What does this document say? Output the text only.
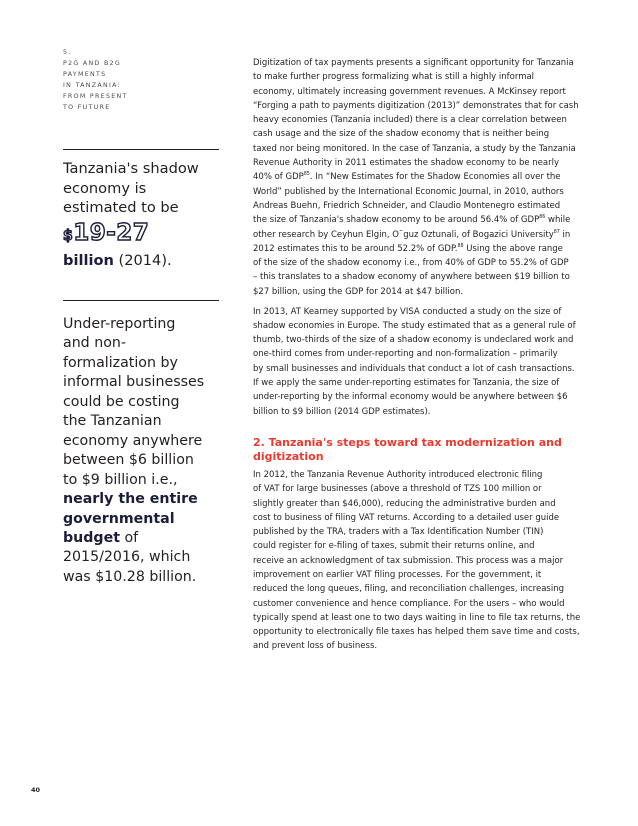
5.
P2G AND B2G
PAYMENTS
IN TANZANIA:
FROM PRESENT
TO FUTURE
Tanzania's shadow
economy is
estimated to be
$19-27
billion (2014).
Under-reporting
and non-
formalization by
informal businesses
could be costing
the Tanzanian
economy anywhere
between $6 billion
to $9 billion i.e.,
nearly the entire
governmental
budget of
2015/2016, which
was $10.28 billion.
Digitization of tax payments presents a significant opportunity for Tanzania
to make further progress formalizing what is still a highly informal
economy, ultimately increasing government revenues. A McKinsey report
“Forging a path to payments digitization (2013)” demonstrates that for cash
heavy economies (Tanzania included) there is a clear correlation between
cash usage and the size of the shadow economy that is neither being
taxed nor being monitored. In the case of Tanzania, a study by the Tanzania
Revenue Authority in 2011 estimates the shadow economy to be nearly
40% of GDP$^{85}$. In “New Estimates for the Shadow Economies all over the
World” published by the International Economic Journal, in 2010, authors
Andreas Buehn, Friedrich Schneider, and Claudio Montenegro estimated
the size of Tanzania's shadow economy to be around 56.4% of GDP$^{86}$ while
other research by Ceyhun Elgin, O¨guz Oztunali, of Bogazici University$^{87}$ in
2012 estimates this to be around 52.2% of GDP.$^{88}$ Using the above range
of the size of the shadow economy i.e., from 40% of GDP to 55.2% of GDP
– this translates to a shadow economy of anywhere between $19 billion to
$27 billion, using the GDP for 2014 at $47 billion.
In 2013, AT Kearney supported by VISA conducted a study on the size of
shadow economies in Europe. The study estimated that as a general rule of
thumb, two-thirds of the size of a shadow economy is undeclared work and
one-third comes from under-reporting and non-formalization – primarily
by small businesses and individuals that conduct a lot of cash transactions.
If we apply the same under-reporting estimates for Tanzania, the size of
under-reporting by the informal economy would be anywhere between $6
billion to $9 billion (2014 GDP estimates).
2. Tanzania's steps toward tax modernization and
digitization
In 2012, the Tanzania Revenue Authority introduced electronic filing
of VAT for large businesses (above a threshold of TZS 100 million or
slightly greater than $46,000), reducing the administrative burden and
cost to business of filing VAT returns. According to a detailed user guide
published by the TRA, traders with a Tax Identification Number (TIN)
could register for e-filing of taxes, submit their returns online, and
receive an acknowledgment of tax submission. This process was a major
improvement on earlier VAT filing processes. For the government, it
reduced the long queues, filing, and reconciliation challenges, increasing
customer convenience and hence compliance. For the users – who would
typically spend at least one to two days waiting in line to file tax returns, the
opportunity to electronically file taxes has helped them save time and costs,
and prevent loss of business.
40
